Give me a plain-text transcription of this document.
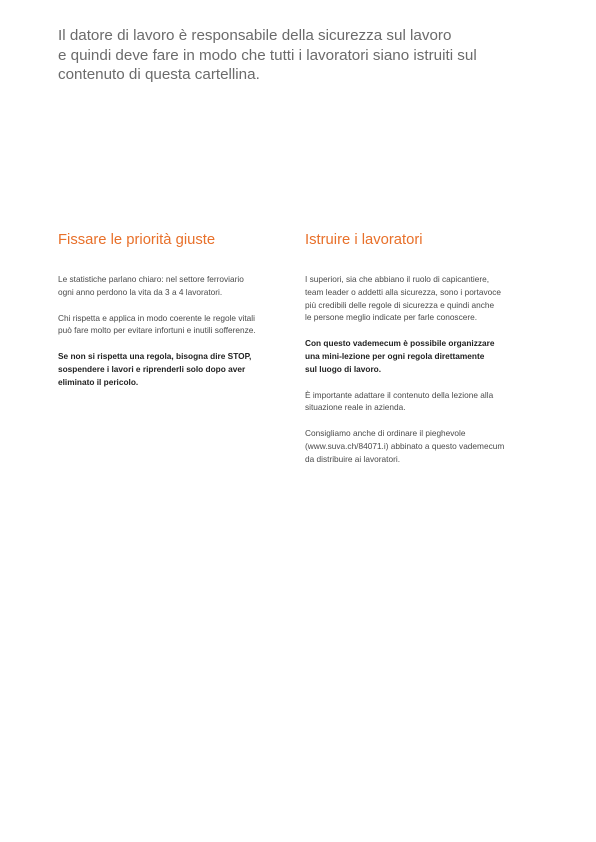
Il datore di lavoro è responsabile della sicurezza sul lavoro
e quindi deve fare in modo che tutti i lavoratori siano istruiti sul
contenuto di questa cartellina.
Fissare le priorità giuste

Le statistiche parlano chiaro: nel settore ferroviario
ogni anno perdono la vita da 3 a 4 lavoratori.

Chi rispetta e applica in modo coerente le regole vitali
può fare molto per evitare infortuni e inutili sofferenze.

Se non si rispetta una regola, bisogna dire STOP,
sospendere i lavori e riprenderli solo dopo aver
eliminato il pericolo.

Istruire i lavoratori

I superiori, sia che abbiano il ruolo di capicantiere,
team leader o addetti alla sicurezza, sono i portavoce
più credibili delle regole di sicurezza e quindi anche
le persone meglio indicate per farle conoscere.

Con questo vademecum è possibile organizzare
una mini-lezione per ogni regola direttamente
sul luogo di lavoro.

È importante adattare il contenuto della lezione alla
situazione reale in azienda.

Consigliamo anche di ordinare il pieghevole
(www.suva.ch/84071.i) abbinato a questo vademecum
da distribuire ai lavoratori.
